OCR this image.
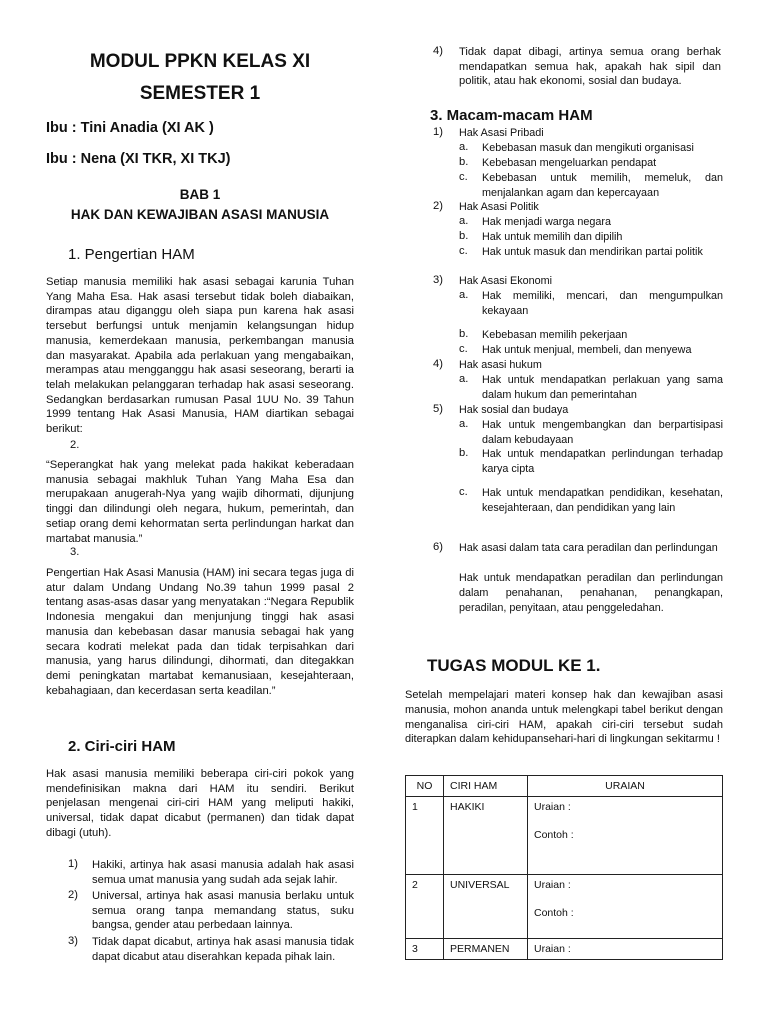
MODUL PPKN KELAS XI
SEMESTER 1
Ibu : Tini Anadia (XI AK )
Ibu : Nena (XI TKR, XI TKJ)
BAB 1
HAK DAN KEWAJIBAN ASASI MANUSIA
1. Pengertian HAM
Setiap manusia memiliki hak asasi sebagai karunia Tuhan Yang Maha Esa. Hak asasi tersebut tidak boleh diabaikan, dirampas atau diganggu oleh siapa pun karena hak asasi tersebut berfungsi untuk menjamin kelangsungan hidup manusia, kemerdekaan manusia, perkembangan manusia dan masyarakat. Apabila ada perlakuan yang mengabaikan, merampas atau mengganggu hak asasi seseorang, berarti ia telah melakukan pelanggaran terhadap hak asasi seseorang. Sedangkan berdasarkan rumusan Pasal 1UU No. 39 Tahun 1999 tentang Hak Asasi Manusia, HAM diartikan sebagai berikut:
2.
“Seperangkat hak yang melekat pada hakikat keberadaan manusia sebagai makhluk Tuhan Yang Maha Esa dan merupakaan anugerah-Nya yang wajib dihormati, dijunjung tinggi dan dilindungi oleh negara, hukum, pemerintah, dan setiap orang demi kehormatan serta perlindungan harkat dan martabat manusia.”
3.
Pengertian Hak Asasi Manusia (HAM) ini secara tegas juga di atur dalam Undang Undang No.39 tahun 1999 pasal 2 tentang asas-asas dasar yang menyatakan :“Negara Republik Indonesia mengakui dan menjunjung tinggi hak asasi manusia dan kebebasan dasar manusia sebagai hak yang secara kodrati melekat pada dan tidak terpisahkan dari manusia, yang harus dilindungi, dihormati, dan ditegakkan demi peningkatan martabat kemanusiaan, kesejahteraan, kebahagiaan, dan kecerdasan serta keadilan.”
2. Ciri-ciri HAM
Hak asasi manusia memiliki beberapa ciri-ciri pokok yang mendefinisikan makna dari HAM itu sendiri. Berikut penjelasan mengenai ciri-ciri HAM yang meliputi hakiki, universal, tidak dapat dicabut (permanen) dan tidak dapat dibagi (utuh).
1) Hakiki, artinya hak asasi manusia adalah hak asasi semua umat manusia yang sudah ada sejak lahir.
2) Universal, artinya hak asasi manusia berlaku untuk semua orang tanpa memandang status, suku bangsa, gender atau perbedaan lainnya.
3) Tidak dapat dicabut, artinya hak asasi manusia tidak dapat dicabut atau diserahkan kepada pihak lain.
4) Tidak dapat dibagi, artinya semua orang berhak mendapatkan semua hak, apakah hak sipil dan politik, atau hak ekonomi, sosial dan budaya.
3. Macam-macam HAM
1) Hak Asasi Pribadi
a. Kebebasan masuk dan mengikuti organisasi
b. Kebebasan mengeluarkan pendapat
c. Kebebasan untuk memilih, memeluk, dan menjalankan agam dan kepercayaan
2) Hak Asasi Politik
a. Hak menjadi warga negara
b. Hak untuk memilih dan dipilih
c. Hak untuk masuk dan mendirikan partai politik
3) Hak Asasi Ekonomi
a. Hak memiliki, mencari, dan mengumpulkan kekayaan
b. Kebebasan memilih pekerjaan
c. Hak untuk menjual, membeli, dan menyewa
4) Hak asasi hukum
a. Hak untuk mendapatkan perlakuan yang sama dalam hukum dan pemerintahan
5) Hak sosial dan budaya
a. Hak untuk mengembangkan dan berpartisipasi dalam kebudayaan
b. Hak untuk mendapatkan perlindungan terhadap karya cipta
c. Hak untuk mendapatkan pendidikan, kesehatan, kesejahteraan, dan pendidikan yang lain
6) Hak asasi dalam tata cara peradilan dan perlindungan
Hak untuk mendapatkan peradilan dan perlindungan dalam penahanan, penahanan, penangkapan, peradilan, penyitaan, atau penggeledahan.
TUGAS MODUL KE 1.
Setelah mempelajari materi konsep hak dan kewajiban asasi manusia, mohon ananda untuk melengkapi tabel berikut dengan menganalisa ciri-ciri HAM, apakah ciri-ciri tersebut sudah diterapkan dalam kehidupansehari-hari di lingkungan sekitarmu !
NO	CIRI HAM	URAIAN
1	HAKIKI	Uraian :
Contoh :

2	UNIVERSAL	Uraian :
Contoh :

3	PERMANEN	Uraian :
